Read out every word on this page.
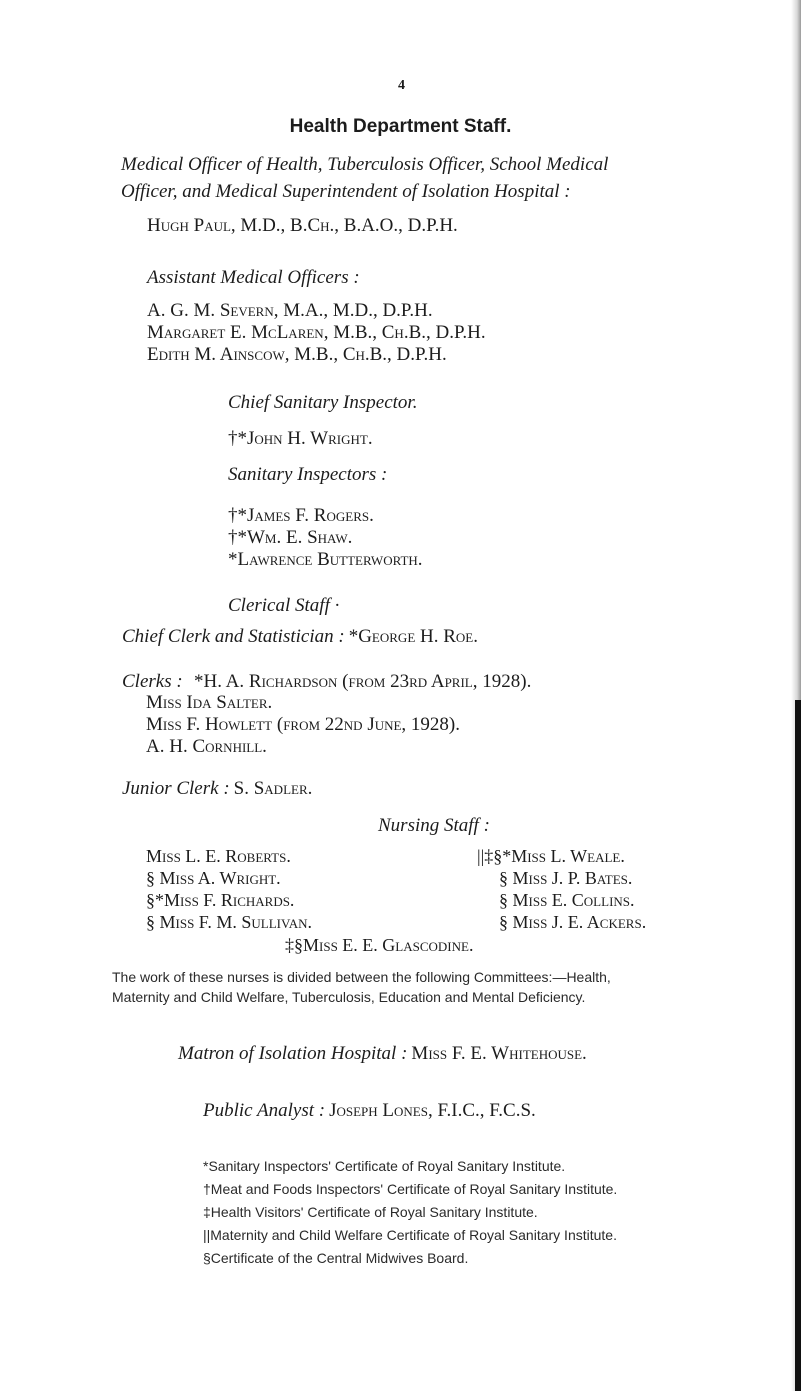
4
Health Department Staff.
Medical Officer of Health, Tuberculosis Officer, School Medical
Officer, and Medical Superintendent of Isolation Hospital :
Hugh Paul, M.D., B.Ch., B.A.O., D.P.H.
Assistant Medical Officers :
A. G. M. Severn, M.A., M.D., D.P.H.
Margaret E. McLaren, M.B., Ch.B., D.P.H.
Edith M. Ainscow, M.B., Ch.B., D.P.H.
Chief Sanitary Inspector.
†*John H. Wright.
Sanitary Inspectors :
†*James F. Rogers.
†*Wm. E. Shaw.
*Lawrence Butterworth.
Clerical Staff ·
Chief Clerk and Statistician : *George H. Roe.
Clerks : *H. A. Richardson (from 23rd April, 1928).
Miss Ida Salter.
Miss F. Howlett (from 22nd June, 1928).
A. H. Cornhill.
Junior Clerk : S. Sadler.
Nursing Staff :
Miss L. E. Roberts.
§ Miss A. Wright.
§*Miss F. Richards.
§ Miss F. M. Sullivan.
||‡§*Miss L. Weale.
§ Miss J. P. Bates.
§ Miss E. Collins.
§ Miss J. E. Ackers.
‡§Miss E. E. Glascodine.
The work of these nurses is divided between the following Committees:—Health,
Maternity and Child Welfare, Tuberculosis, Education and Mental Deficiency.
Matron of Isolation Hospital : Miss F. E. Whitehouse.
Public Analyst : Joseph Lones, F.I.C., F.C.S.
*Sanitary Inspectors' Certificate of Royal Sanitary Institute.
†Meat and Foods Inspectors' Certificate of Royal Sanitary Institute.
‡Health Visitors' Certificate of Royal Sanitary Institute.
||Maternity and Child Welfare Certificate of Royal Sanitary Institute.
§Certificate of the Central Midwives Board.
